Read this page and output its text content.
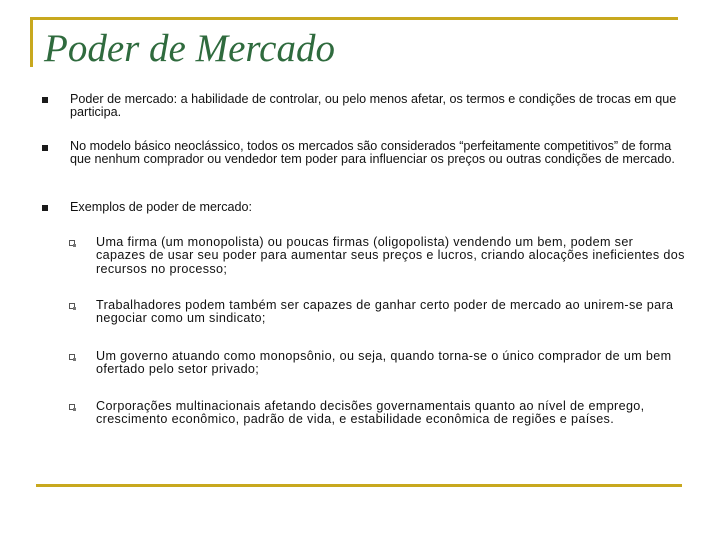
Poder de Mercado
Poder de mercado: a habilidade de controlar, ou pelo menos afetar, os termos e condições de trocas em que participa.
No modelo básico neoclássico, todos os mercados são considerados “perfeitamente competitivos” de forma que nenhum comprador ou vendedor tem poder para influenciar os preços ou outras condições de mercado.
Exemplos de poder de mercado:
Uma firma (um monopolista) ou poucas firmas (oligopolista) vendendo um bem, podem ser capazes de usar seu poder para aumentar seus preços e lucros, criando alocações ineficientes dos recursos no processo;
Trabalhadores podem também ser capazes de ganhar certo poder de mercado ao unirem-se para negociar como um sindicato;
Um governo atuando como monopsônio, ou seja, quando torna-se o único comprador de um bem ofertado pelo setor privado;
Corporações multinacionais afetando decisões governamentais quanto ao nível de emprego, crescimento econômico, padrão de vida, e estabilidade econômica de regiões e países.
